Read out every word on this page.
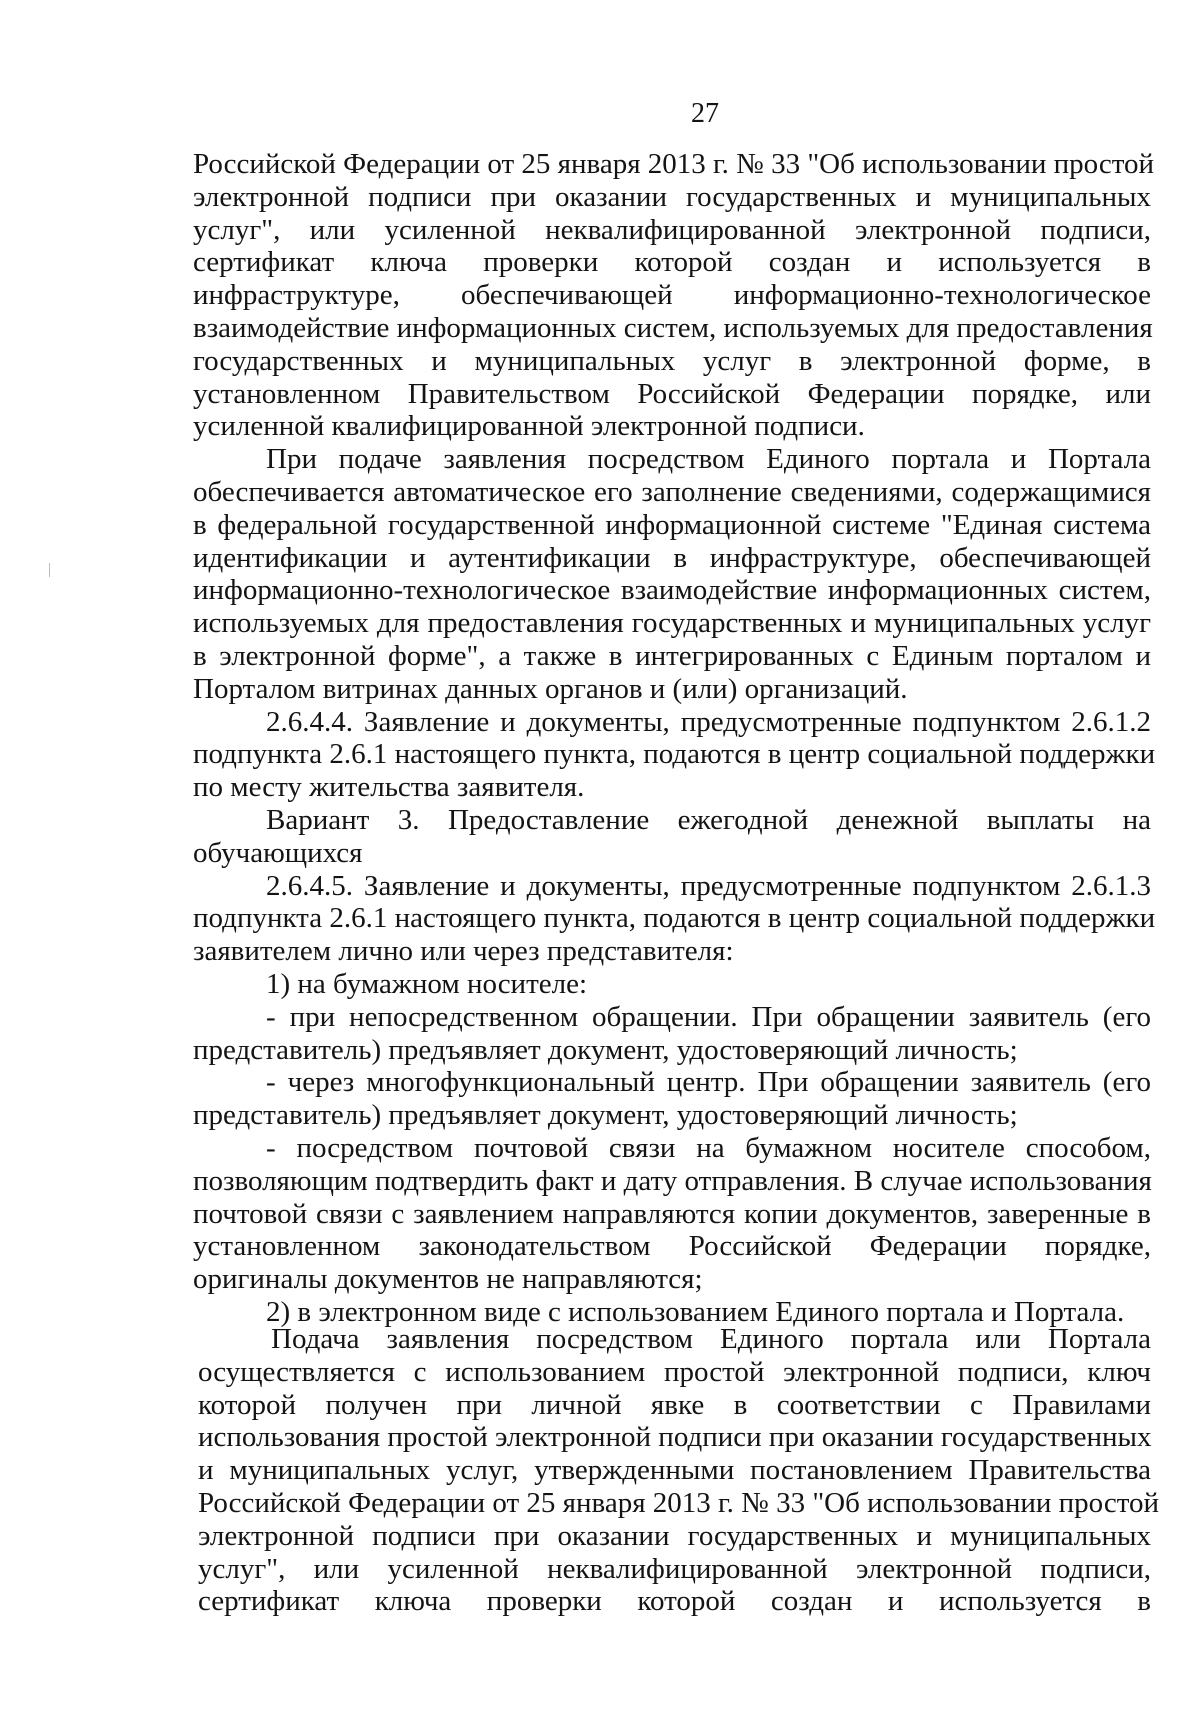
27
Российской Федерации от 25 января 2013 г. № 33 "Об использовании простой
электронной подписи при оказании государственных и муниципальных
услуг", или усиленной неквалифицированной электронной подписи,
сертификат ключа проверки которой создан и используется в
инфраструктуре, обеспечивающей информационно-технологическое
взаимодействие информационных систем, используемых для предоставления
государственных и муниципальных услуг в электронной форме, в
установленном Правительством Российской Федерации порядке, или
усиленной квалифицированной электронной подписи.
При подаче заявления посредством Единого портала и Портала
обеспечивается автоматическое его заполнение сведениями, содержащимися
в федеральной государственной информационной системе "Единая система
идентификации и аутентификации в инфраструктуре, обеспечивающей
информационно-технологическое взаимодействие информационных систем,
используемых для предоставления государственных и муниципальных услуг
в электронной форме", а также в интегрированных с Единым порталом и
Порталом витринах данных органов и (или) организаций.
2.6.4.4. Заявление и документы, предусмотренные подпунктом 2.6.1.2
подпункта 2.6.1 настоящего пункта, подаются в центр социальной поддержки
по месту жительства заявителя.
Вариант 3. Предоставление ежегодной денежной выплаты на
обучающихся
2.6.4.5. Заявление и документы, предусмотренные подпунктом 2.6.1.3
подпункта 2.6.1 настоящего пункта, подаются в центр социальной поддержки
заявителем лично или через представителя:
1) на бумажном носителе:
- при непосредственном обращении. При обращении заявитель (его
представитель) предъявляет документ, удостоверяющий личность;
- через многофункциональный центр. При обращении заявитель (его
представитель) предъявляет документ, удостоверяющий личность;
- посредством почтовой связи на бумажном носителе способом,
позволяющим подтвердить факт и дату отправления. В случае использования
почтовой связи с заявлением направляются копии документов, заверенные в
установленном законодательством Российской Федерации порядке,
оригиналы документов не направляются;
2) в электронном виде с использованием Единого портала и Портала.
Подача заявления посредством Единого портала или Портала
осуществляется с использованием простой электронной подписи, ключ
которой получен при личной явке в соответствии с Правилами
использования простой электронной подписи при оказании государственных
и муниципальных услуг, утвержденными постановлением Правительства
Российской Федерации от 25 января 2013 г. № 33 "Об использовании простой
электронной подписи при оказании государственных и муниципальных
услуг", или усиленной неквалифицированной электронной подписи,
сертификат ключа проверки которой создан и используется в
